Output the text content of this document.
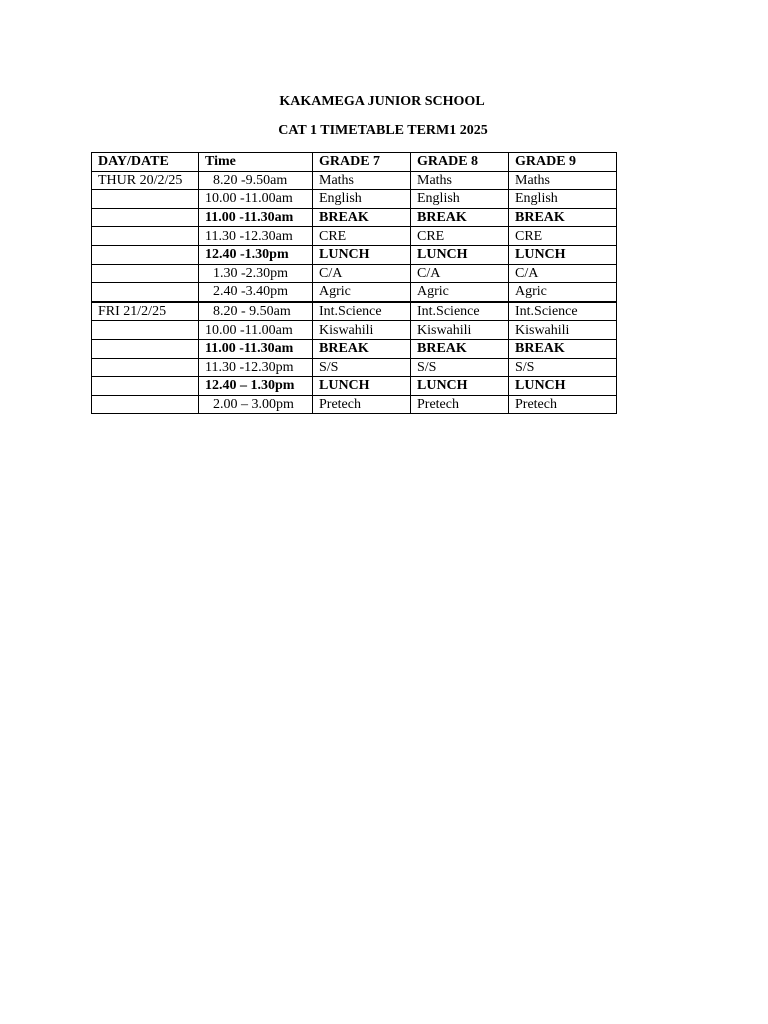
KAKAMEGA JUNIOR SCHOOL

CAT 1 TIMETABLE TERM1 2025

DAY/DATE	Time	GRADE 7	GRADE 8	GRADE 9
THUR 20/2/25	8.20 -9.50am	Maths	Maths	Maths
	10.00 -11.00am	English	English	English
	11.00 -11.30am	BREAK	BREAK	BREAK
	11.30 -12.30am	CRE	CRE	CRE
	12.40 -1.30pm	LUNCH	LUNCH	LUNCH
	1.30 -2.30pm	C/A	C/A	C/A
	2.40 -3.40pm	Agric	Agric	Agric
FRI 21/2/25	8.20 - 9.50am	Int.Science	Int.Science	Int.Science
	10.00 -11.00am	Kiswahili	Kiswahili	Kiswahili
	11.00 -11.30am	BREAK	BREAK	BREAK
	11.30 -12.30pm	S/S	S/S	S/S
	12.40 – 1.30pm	LUNCH	LUNCH	LUNCH
	2.00 – 3.00pm	Pretech	Pretech	Pretech
